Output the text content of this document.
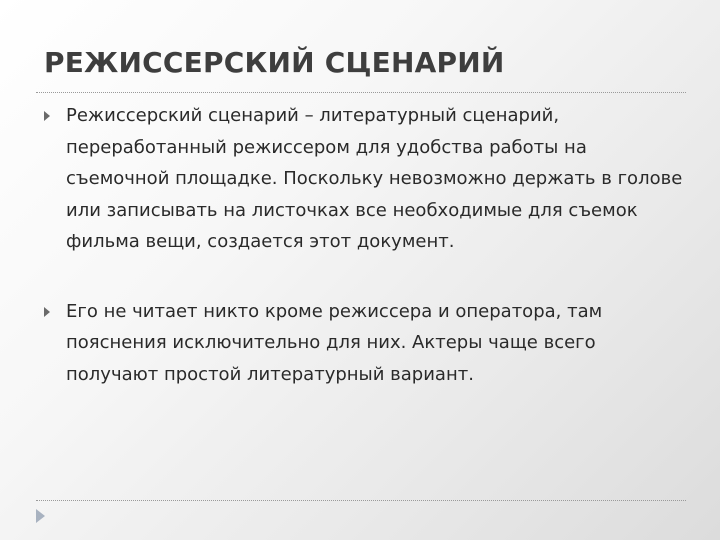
РЕЖИССЕРСКИЙ СЦЕНАРИЙ
Режиссерский сценарий – литературный сценарий, переработанный режиссером для удобства работы на съемочной площадке. Поскольку невозможно держать в голове или записывать на листочках все необходимые для съемок фильма вещи, создается этот документ.
Его не читает никто кроме режиссера и оператора, там пояснения исключительно для них. Актеры чаще всего получают простой литературный вариант.
